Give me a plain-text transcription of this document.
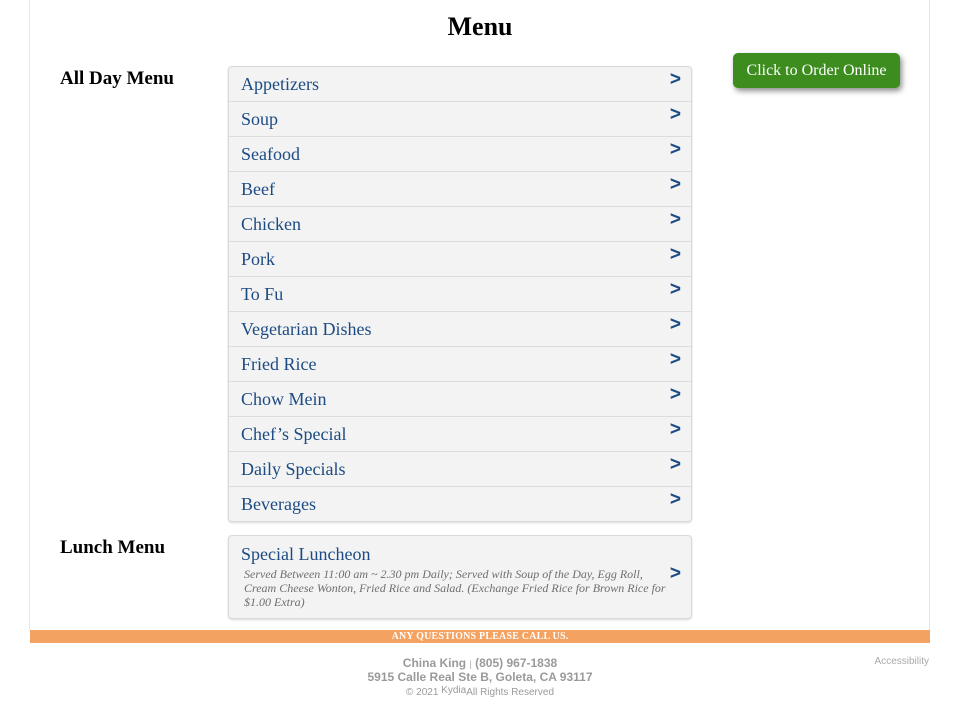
Menu
Click to Order Online
All Day Menu	Appetizers	>
Soup	>
Seafood	>
Beef	>
Chicken	>
Pork	>
To Fu	>
Vegetarian Dishes	>
Fried Rice	>
Chow Mein	>
Chef’s Special	>
Daily Specials	>
Beverages	>
Lunch Menu	Special Luncheon
Served Between 11:00 am ~ 2.30 pm Daily; Served with Soup of the Day, Egg Roll, Cream Cheese Wonton, Fried Rice and Salad. (Exchange Fried Rice for Brown Rice for $1.00 Extra)
>
ANY QUESTIONS PLEASE CALL US.
China King | (805) 967-1838
5915 Calle Real Ste B, Goleta, CA 93117
© 2021 KydiaAll Rights Reserved
Accessibility
